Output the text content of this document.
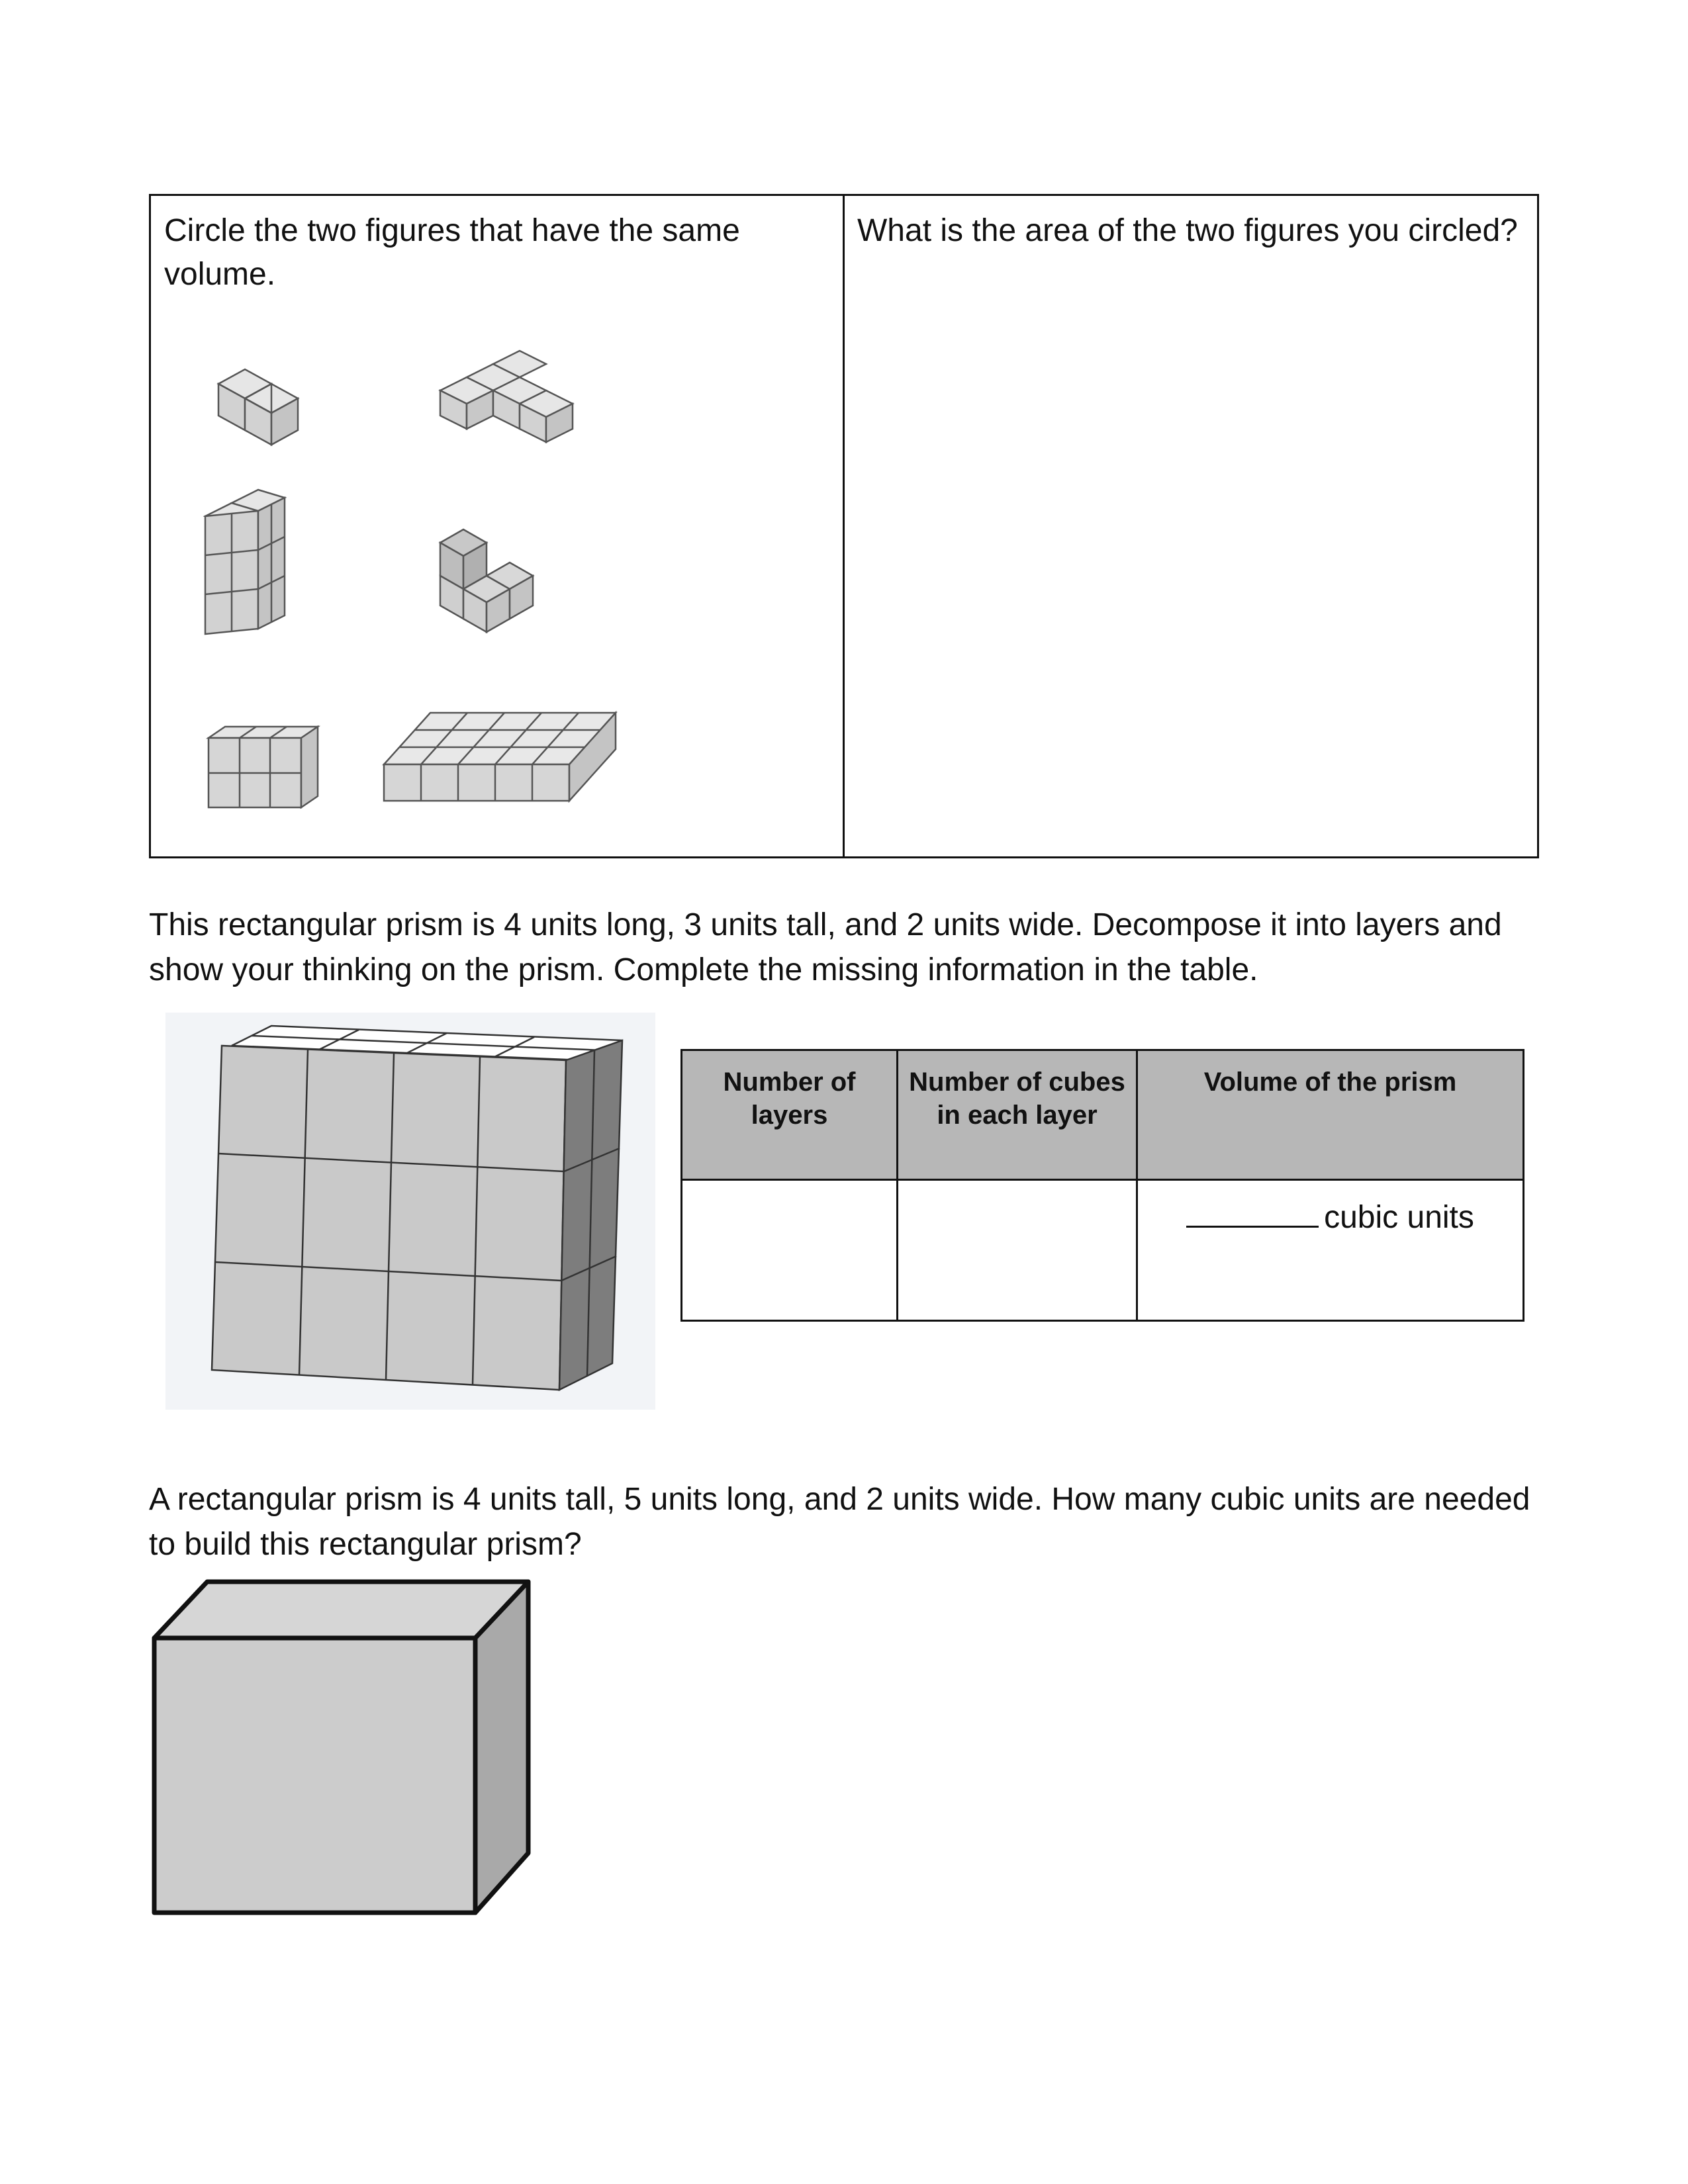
Circle the two figures that have the same volume.
What is the area of the two figures you circled?
This rectangular prism is 4 units long, 3 units tall, and 2 units wide. Decompose it into layers and show your thinking on the prism. Complete the missing information in the table.
Number of layers	Number of cubes in each layer	Volume of the prism
		cubic units
A rectangular prism is 4 units tall, 5 units long, and 2 units wide. How many cubic units are needed to build this rectangular prism?
